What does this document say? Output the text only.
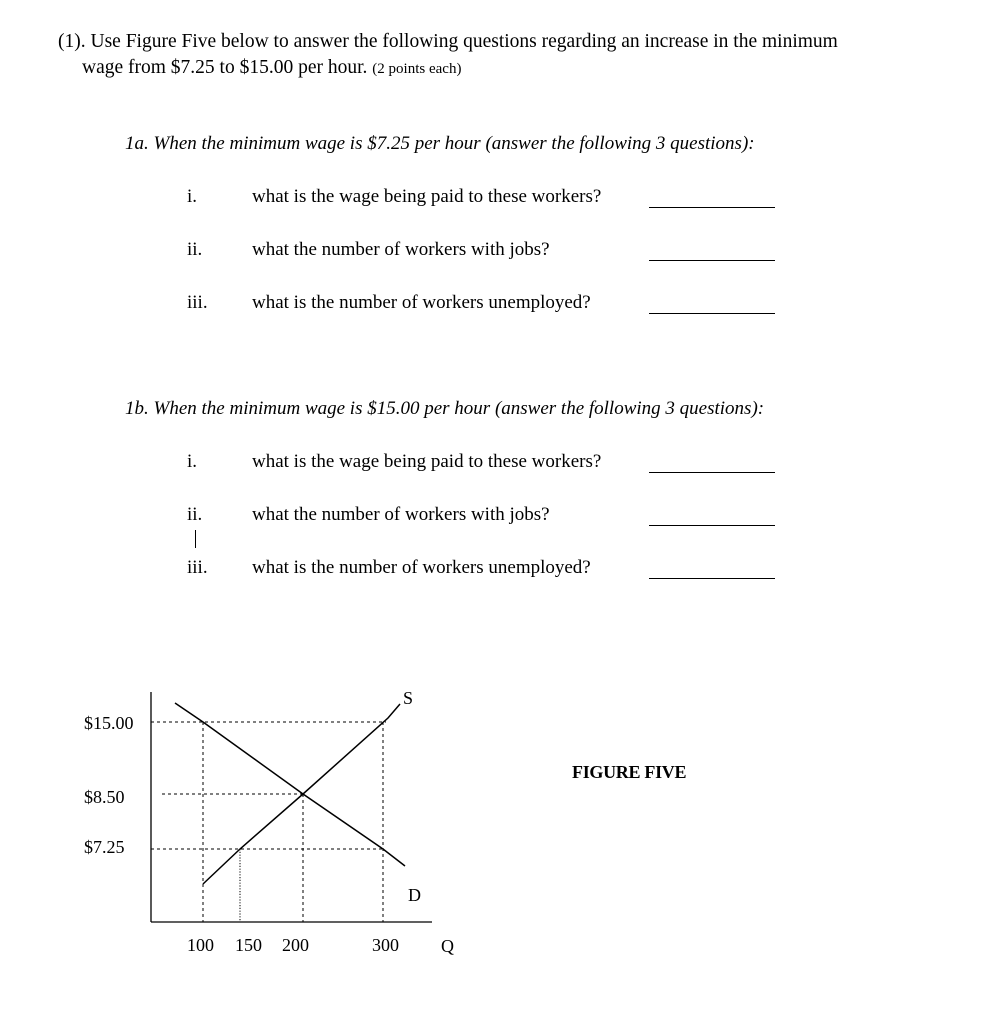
(1). Use Figure Five below to answer the following questions regarding an increase in the minimum
wage from $7.25 to $15.00 per hour. (2 points each)
1a. When the minimum wage is $7.25 per hour (answer the following 3 questions):
i.	what is the wage being paid to these workers?
ii.	what the number of workers with jobs?
iii. what is the number of workers unemployed?
1b. When the minimum wage is $15.00 per hour (answer the following 3 questions):
i.	what is the wage being paid to these workers?
ii.	what the number of workers with jobs?
iii. what is the number of workers unemployed?
FIGURE FIVE
$15.00
$8.50
$7.25
100 150 200	300 Q
S
D
